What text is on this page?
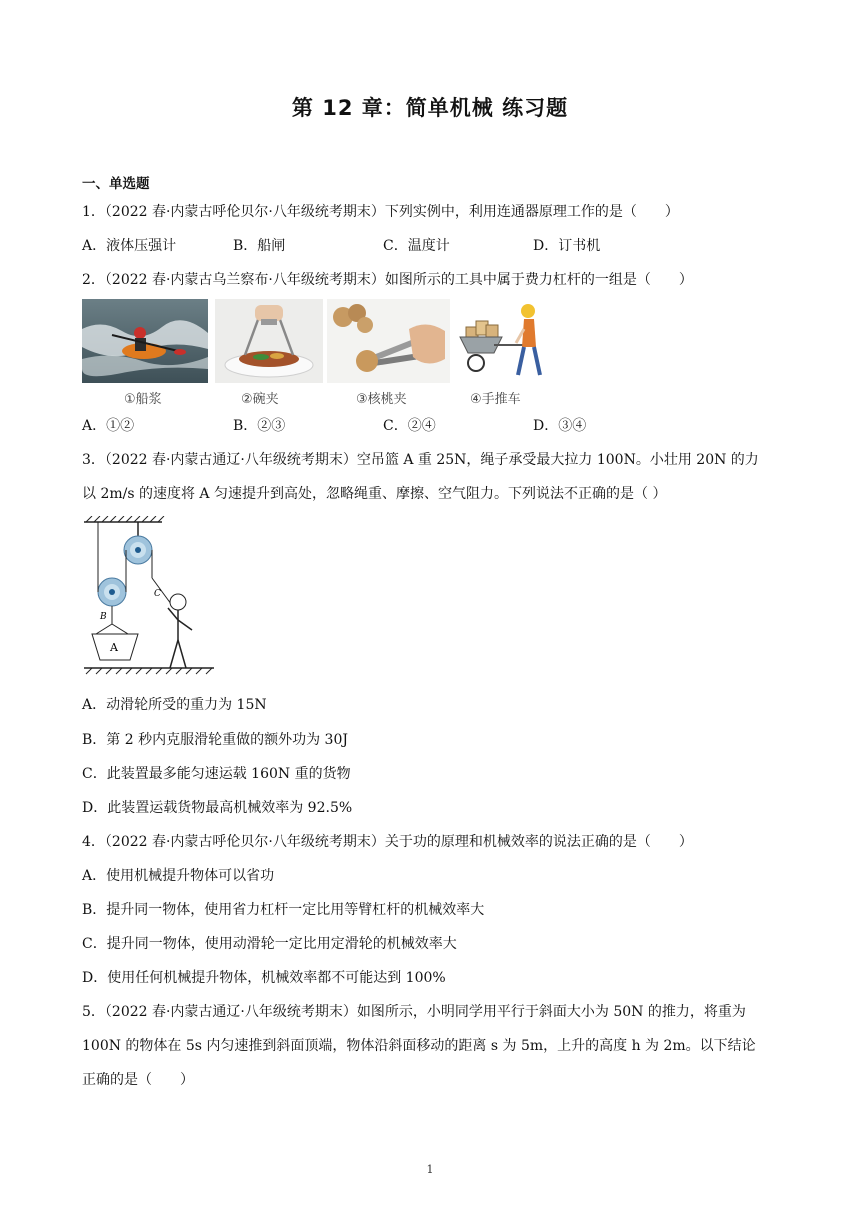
第 12 章：简单机械 练习题
一、单选题
1．（2022 春·内蒙古呼伦贝尔·八年级统考期末）下列实例中，利用连通器原理工作的是（　　）
A．液体压强计	B．船闸	C．温度计	D．订书机
2．（2022 春·内蒙古乌兰察布·八年级统考期末）如图所示的工具中属于费力杠杆的一组是（　　）
①船浆	②碗夹	③核桃夹	④手推车
A．①②	B．②③	C．②④	D．③④
3．（2022 春·内蒙古通辽·八年级统考期末）空吊篮 A 重 25N，绳子承受最大拉力 100N。小壮用 20N 的力
以 2m/s 的速度将 A 匀速提升到高处，忽略绳重、摩擦、空气阻力。下列说法不正确的是（ ）
A
B
C
A．动滑轮所受的重力为 15N
B．第 2 秒内克服滑轮重做的额外功为 30J
C．此装置最多能匀速运载 160N 重的货物
D．此装置运载货物最高机械效率为 92.5%
4．（2022 春·内蒙古呼伦贝尔·八年级统考期末）关于功的原理和机械效率的说法正确的是（　　）
A．使用机械提升物体可以省功
B．提升同一物体，使用省力杠杆一定比用等臂杠杆的机械效率大
C．提升同一物体，使用动滑轮一定比用定滑轮的机械效率大
D．使用任何机械提升物体，机械效率都不可能达到 100%
5．（2022 春·内蒙古通辽·八年级统考期末）如图所示，小明同学用平行于斜面大小为 50N 的推力，将重为
100N 的物体在 5s 内匀速推到斜面顶端，物体沿斜面移动的距离 s 为 5m，上升的高度 h 为 2m。以下结论
正确的是（　　）
1
